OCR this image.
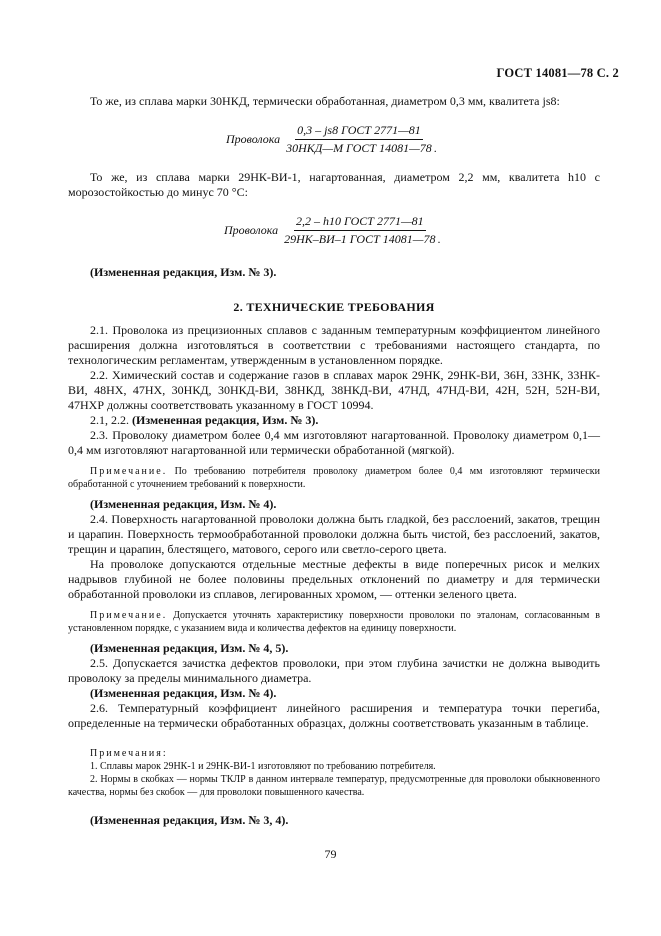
ГОСТ 14081—78 С. 2

То же, из сплава марки 30НКД, термически обработанная, диаметром 0,3 мм, квалитета js8:

Проволока $\frac{\text{0,3 – js8 ГОСТ 2771—81}}{\text{30НКД—М ГОСТ 14081—78}}$ .

То же, из сплава марки 29НК-ВИ-1, нагартованная, диаметром 2,2 мм, квалитета h10 с морозостойкостью до минус 70 °С:

Проволока $\frac{\text{2,2 – h10 ГОСТ 2771—81}}{\text{29НК–ВИ–1 ГОСТ 14081—78}}$ .

(Измененная редакция, Изм. № 3).

2. ТЕХНИЧЕСКИЕ ТРЕБОВАНИЯ

2.1. Проволока из прецизионных сплавов с заданным температурным коэффициентом линейного расширения должна изготовляться в соответствии с требованиями настоящего стандарта, по технологическим регламентам, утвержденным в установленном порядке.

2.2. Химический состав и содержание газов в сплавах марок 29НК, 29НК-ВИ, 36Н, 33НК, 33НК-ВИ, 48НХ, 47НХ, 30НКД, 30НКД-ВИ, 38НКД, 38НКД-ВИ, 47НД, 47НД-ВИ, 42Н, 52Н, 52Н-ВИ, 47НХР должны соответствовать указанному в ГОСТ 10994.

2.1, 2.2. (Измененная редакция, Изм. № 3).

2.3. Проволоку диаметром более 0,4 мм изготовляют нагартованной. Проволоку диаметром 0,1—0,4 мм изготовляют нагартованной или термически обработанной (мягкой).

Примечание. По требованию потребителя проволоку диаметром более 0,4 мм изготовляют термически обработанной с уточнением требований к поверхности.

(Измененная редакция, Изм. № 4).

2.4. Поверхность нагартованной проволоки должна быть гладкой, без расслоений, закатов, трещин и царапин. Поверхность термообработанной проволоки должна быть чистой, без расслоений, закатов, трещин и царапин, блестящего, матового, серого или светло-серого цвета.

На проволоке допускаются отдельные местные дефекты в виде поперечных рисок и мелких надрывов глубиной не более половины предельных отклонений по диаметру и для термически обработанной проволоки из сплавов, легированных хромом, — оттенки зеленого цвета.

Примечание. Допускается уточнять характеристику поверхности проволоки по эталонам, согласованным в установленном порядке, с указанием вида и количества дефектов на единицу поверхности.

(Измененная редакция, Изм. № 4, 5).

2.5. Допускается зачистка дефектов проволоки, при этом глубина зачистки не должна выводить проволоку за пределы минимального диаметра.

(Измененная редакция, Изм. № 4).

2.6. Температурный коэффициент линейного расширения и температура точки перегиба, определенные на термически обработанных образцах, должны соответствовать указанным в таблице.

Примечания:

1. Сплавы марок 29НК-1 и 29НК-ВИ-1 изготовляют по требованию потребителя.

2. Нормы в скобках — нормы ТКЛР в данном интервале температур, предусмотренные для проволоки обыкновенного качества, нормы без скобок — для проволоки повышенного качества.

(Измененная редакция, Изм. № 3, 4).

79
